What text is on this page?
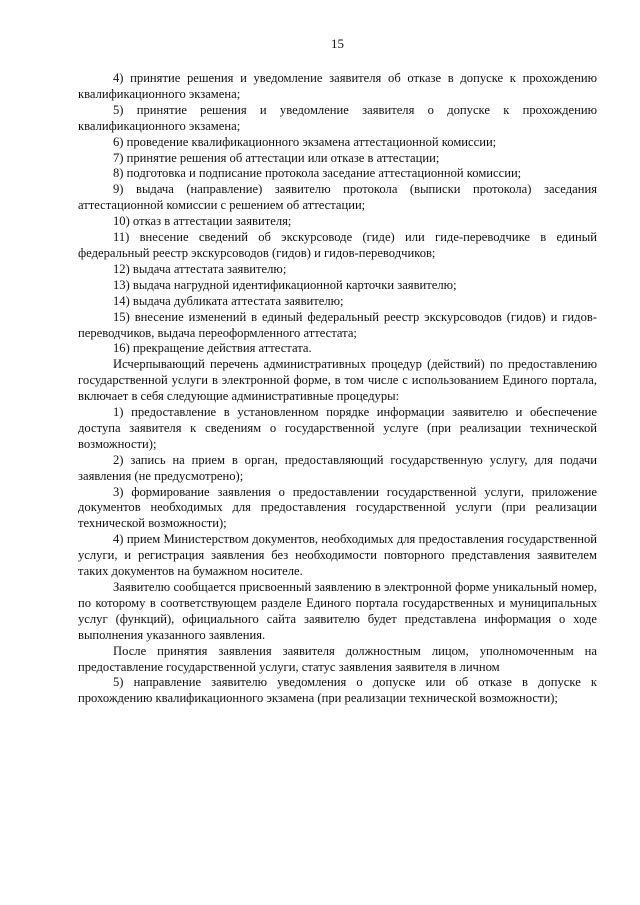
15

4) принятие решения и уведомление заявителя об отказе в допуске к прохождению квалификационного экзамена;

5) принятие решения и уведомление заявителя о допуске к прохождению квалификационного экзамена;

6) проведение квалификационного экзамена аттестационной комиссии;

7) принятие решения об аттестации или отказе в аттестации;

8) подготовка и подписание протокола заседание аттестационной комиссии;

9) выдача (направление) заявителю протокола (выписки протокола) заседания аттестационной комиссии с решением об аттестации;

10) отказ в аттестации заявителя;

11) внесение сведений об экскурсоводе (гиде) или гиде-переводчике в единый федеральный реестр экскурсоводов (гидов) и гидов-переводчиков;

12) выдача аттестата заявителю;

13) выдача нагрудной идентификационной карточки заявителю;

14) выдача дубликата аттестата заявителю;

15) внесение изменений в единый федеральный реестр экскурсоводов (гидов) и гидов-переводчиков, выдача переоформленного аттестата;

16) прекращение действия аттестата.

Исчерпывающий перечень административных процедур (действий) по предоставлению государственной услуги в электронной форме, в том числе с использованием Единого портала, включает в себя следующие административные процедуры:

1) предоставление в установленном порядке информации заявителю и обеспечение доступа заявителя к сведениям о государственной услуге (при реализации технической возможности);

2) запись на прием в орган, предоставляющий государственную услугу, для подачи заявления (не предусмотрено);

3) формирование заявления о предоставлении государственной услуги, приложение документов необходимых для предоставления государственной услуги (при реализации технической возможности);

4) прием Министерством документов, необходимых для предоставления государственной услуги, и регистрация заявления без необходимости повторного представления заявителем таких документов на бумажном носителе.

Заявителю сообщается присвоенный заявлению в электронной форме уникальный номер, по которому в соответствующем разделе Единого портала государственных и муниципальных услуг (функций), официального сайта заявителю будет представлена информация о ходе выполнения указанного заявления.

После принятия заявления заявителя должностным лицом, уполномоченным на предоставление государственной услуги, статус заявления заявителя в личном

5) направление заявителю уведомления о допуске или об отказе в допуске к прохождению квалификационного экзамена (при реализации технической возможности);
